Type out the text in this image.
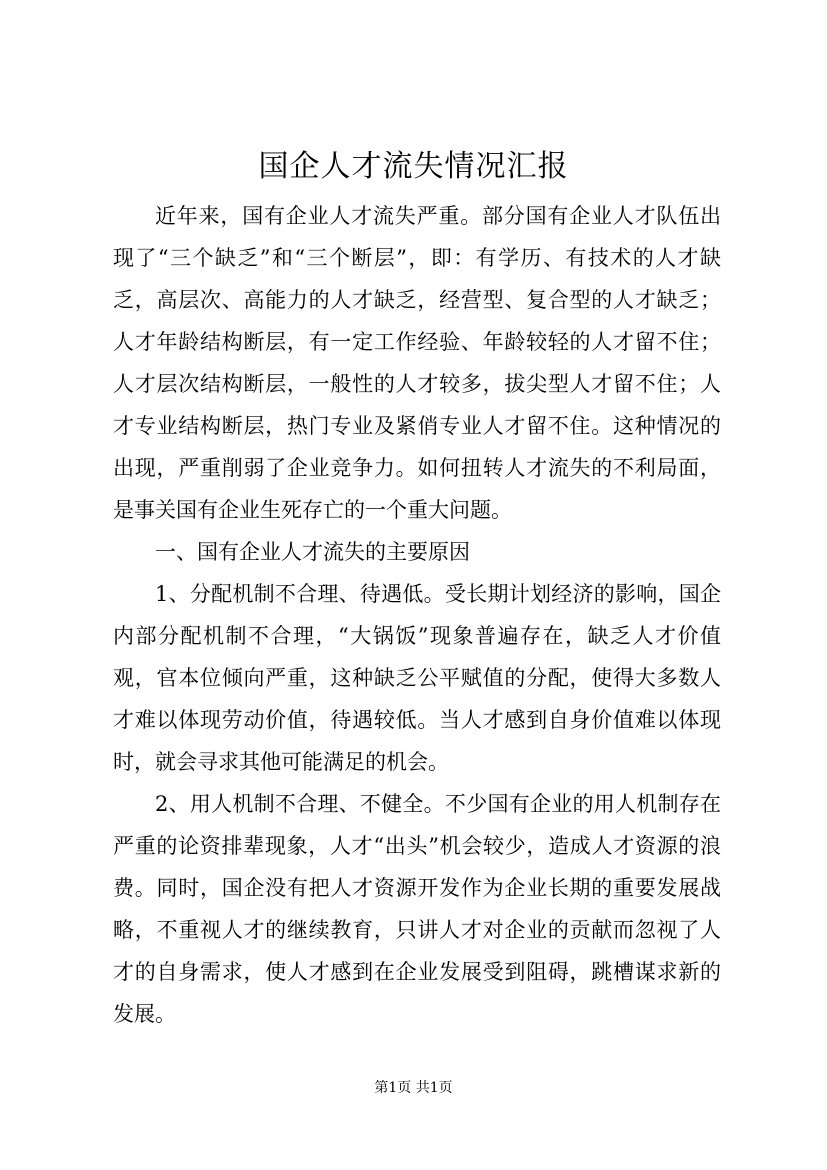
国企人才流失情况汇报

近年来，国有企业人才流失严重。部分国有企业人才队伍出现了“三个缺乏”和“三个断层”，即：有学历、有技术的人才缺乏，高层次、高能力的人才缺乏，经营型、复合型的人才缺乏；人才年龄结构断层，有一定工作经验、年龄较轻的人才留不住；人才层次结构断层，一般性的人才较多，拔尖型人才留不住；人才专业结构断层，热门专业及紧俏专业人才留不住。这种情况的出现，严重削弱了企业竞争力。如何扭转人才流失的不利局面，是事关国有企业生死存亡的一个重大问题。

一、国有企业人才流失的主要原因

1、分配机制不合理、待遇低。受长期计划经济的影响，国企内部分配机制不合理，“大锅饭”现象普遍存在，缺乏人才价值观，官本位倾向严重，这种缺乏公平赋值的分配，使得大多数人才难以体现劳动价值，待遇较低。当人才感到自身价值难以体现时，就会寻求其他可能满足的机会。

2、用人机制不合理、不健全。不少国有企业的用人机制存在严重的论资排辈现象，人才“出头”机会较少，造成人才资源的浪费。同时，国企没有把人才资源开发作为企业长期的重要发展战略，不重视人才的继续教育，只讲人才对企业的贡献而忽视了人才的自身需求，使人才感到在企业发展受到阻碍，跳槽谋求新的发展。

第1页 共1页
